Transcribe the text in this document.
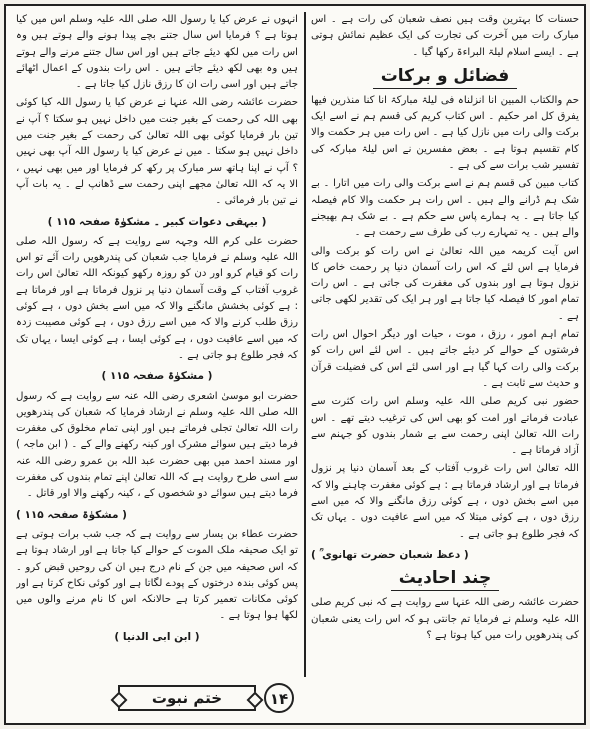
حسنات کا بہترین وقت ہیں نصف شعبان کی رات ہے ۔ اس مبارک رات میں آخرت کی تجارت کی ایک عظیم نمائش ہوتی ہے ۔ ایسے اسلام لیلۃ البراءۃ رکھا گیا ۔

فضائل و برکات

حم والکتاب المبین انا انزلناہ فی لیلۃ مبارکۃ انا کنا منذرین فیھا یفرق کل امر حکیم ۔ اس کتاب کریم کی قسم ہم نے اسے ایک برکت والی رات میں نازل کیا ہے ۔ اس رات میں ہر حکمت والا کام تقسیم ہوتا ہے ۔ بعض مفسرین نے اس لیلۃ مبارکہ کی تفسیر شب برات سے کی ہے ۔

کتاب مبین کی قسم ہم نے اسے برکت والی رات میں اتارا ۔ بے شک ہم ڈرانے والے ہیں ۔ اس رات ہر حکمت والا کام فیصلہ کیا جاتا ہے ۔ یہ ہمارے پاس سے حکم ہے ۔ بے شک ہم بھیجنے والے ہیں ۔ یہ تمہارے رب کی طرف سے رحمت ہے ۔

اس آیت کریمہ میں اللہ تعالیٰ نے اس رات کو برکت والی فرمایا ہے اس لئے کہ اس رات آسمان دنیا پر رحمت خاص کا نزول ہوتا ہے اور بندوں کی مغفرت کی جاتی ہے ۔ اس رات تمام امور کا فیصلہ کیا جاتا ہے اور ہر ایک کی تقدیر لکھی جاتی ہے ۔

تمام اہم امور ، رزق ، موت ، حیات اور دیگر احوال اس رات فرشتوں کے حوالے کر دیئے جاتے ہیں ۔ اس لئے اس رات کو برکت والی رات کہا گیا ہے اور اسی لئے اس کی فضیلت قرآن و حدیث سے ثابت ہے ۔

حضور نبی کریم صلی اللہ علیہ وسلم اس رات کثرت سے عبادت فرماتے اور امت کو بھی اس کی ترغیب دیتے تھے ۔ اس رات اللہ تعالیٰ اپنی رحمت سے بے شمار بندوں کو جہنم سے آزاد فرماتا ہے ۔

اللہ تعالیٰ اس رات غروب آفتاب کے بعد آسمان دنیا پر نزول فرماتا ہے اور ارشاد فرماتا ہے : ہے کوئی مغفرت چاہنے والا کہ میں اسے بخش دوں ، ہے کوئی رزق مانگنے والا کہ میں اسے رزق دوں ، ہے کوئی مبتلا کہ میں اسے عافیت دوں ۔ یہاں تک کہ فجر طلوع ہو جاتی ہے ۔

( دعظ شعبان حضرت تھانوی ؒ )
چند احادیث

حضرت عائشہ رضی اللہ عنہا سے روایت ہے کہ نبی کریم صلی اللہ علیہ وسلم نے فرمایا تم جانتی ہو کہ اس رات یعنی شعبان کی پندرھویں رات میں کیا ہوتا ہے ؟

انہوں نے عرض کیا یا رسول اللہ صلی اللہ علیہ وسلم اس میں کیا ہوتا ہے ؟ فرمایا اس سال جتنے بچے پیدا ہونے والے ہوتے ہیں وہ اس رات میں لکھ دیئے جاتے ہیں اور اس سال جتنے مرنے والے ہوتے ہیں وہ بھی لکھ دیئے جاتے ہیں ۔ اس رات بندوں کے اعمال اٹھائے جاتے ہیں اور اسی رات ان کا رزق نازل کیا جاتا ہے ۔

حضرت عائشہ رضی اللہ عنہا نے عرض کیا یا رسول اللہ کیا کوئی بھی اللہ کی رحمت کے بغیر جنت میں داخل نہیں ہو سکتا ؟ آپ نے تین بار فرمایا کوئی بھی اللہ تعالیٰ کی رحمت کے بغیر جنت میں داخل نہیں ہو سکتا ۔ میں نے عرض کیا یا رسول اللہ آپ بھی نہیں ؟ آپ نے اپنا ہاتھ سر مبارک پر رکھ کر فرمایا اور میں بھی نہیں ، الا یہ کہ اللہ تعالیٰ مجھے اپنی رحمت سے ڈھانپ لے ۔ یہ بات آپ نے تین بار فرمائی ۔

( بیہقی دعوات کبیر ۔ مشکوٰۃ صفحہ ۱۱۵ )

حضرت علی کرم اللہ وجہہ سے روایت ہے کہ رسول اللہ صلی اللہ علیہ وسلم نے فرمایا جب شعبان کی پندرھویں رات آئے تو اس رات کو قیام کرو اور دن کو روزہ رکھو کیونکہ اللہ تعالیٰ اس رات غروب آفتاب کے وقت آسمان دنیا پر نزول فرماتا ہے اور فرماتا ہے : ہے کوئی بخشش مانگنے والا کہ میں اسے بخش دوں ، ہے کوئی رزق طلب کرنے والا کہ میں اسے رزق دوں ، ہے کوئی مصیبت زدہ کہ میں اسے عافیت دوں ، ہے کوئی ایسا ، ہے کوئی ایسا ، یہاں تک کہ فجر طلوع ہو جاتی ہے ۔

( مشکوٰۃ صفحہ ۱۱۵ )

حضرت ابو موسیٰ اشعری رضی اللہ عنہ سے روایت ہے کہ رسول اللہ صلی اللہ علیہ وسلم نے ارشاد فرمایا کہ شعبان کی پندرھویں رات اللہ تعالیٰ تجلی فرماتے ہیں اور اپنی تمام مخلوق کی مغفرت فرما دیتے ہیں سوائے مشرک اور کینہ رکھنے والے کے ۔ ( ابن ماجہ ) اور مسند احمد میں بھی حضرت عبد اللہ بن عمرو رضی اللہ عنہ سے اسی طرح روایت ہے کہ اللہ تعالیٰ اپنے تمام بندوں کی مغفرت فرما دیتے ہیں سوائے دو شخصوں کے ، کینہ رکھنے والا اور قاتل ۔

( مشکوٰۃ صفحہ ۱۱۵ )

حضرت عطاء بن یسار سے روایت ہے کہ جب شب برات ہوتی ہے تو ایک صحیفہ ملک الموت کے حوالے کیا جاتا ہے اور ارشاد ہوتا ہے کہ اس صحیفہ میں جن کے نام درج ہیں ان کی روحیں قبض کرو ۔ پس کوئی بندہ درختوں کے پودے لگاتا ہے اور کوئی نکاح کرتا ہے اور کوئی مکانات تعمیر کرتا ہے حالانکہ اس کا نام مرنے والوں میں لکھا ہوا ہوتا ہے ۔

( ابن ابی الدنیا )
۱۴
ختم نبوت
